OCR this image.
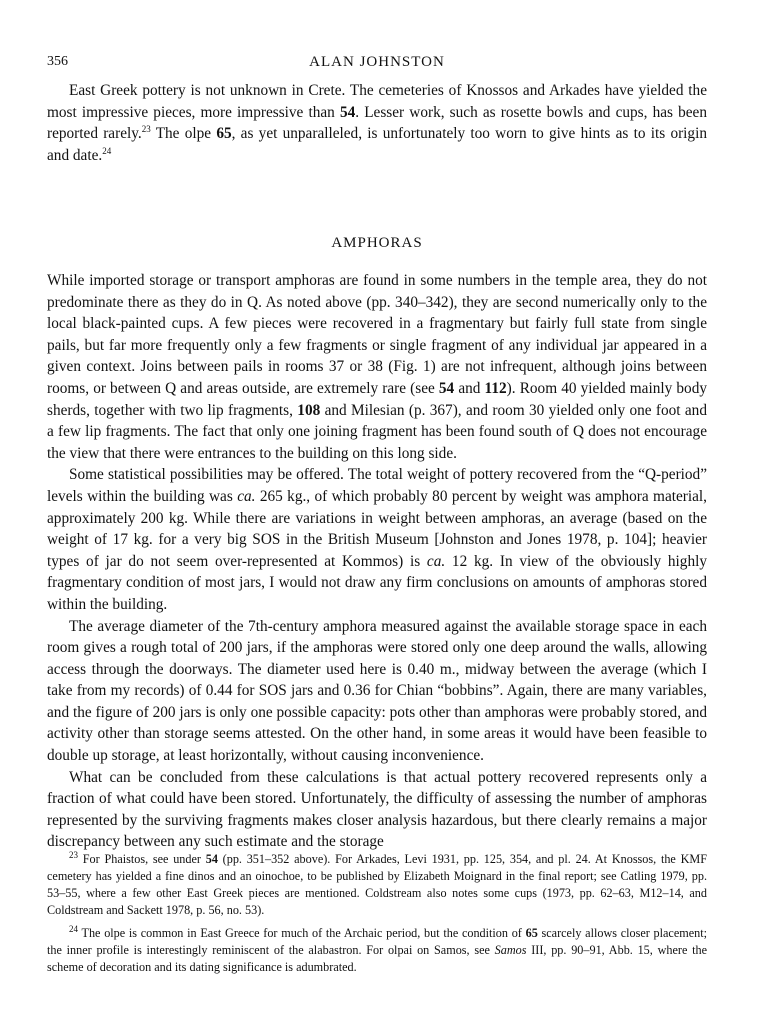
356	ALAN JOHNSTON

East Greek pottery is not unknown in Crete. The cemeteries of Knossos and Arkades have yielded the most impressive pieces, more impressive than 54. Lesser work, such as rosette bowls and cups, has been reported rarely.$^{23}$ The olpe 65, as yet unparalleled, is unfortunately too worn to give hints as to its origin and date.$^{24}$

AMPHORAS

While imported storage or transport amphoras are found in some numbers in the temple area, they do not predominate there as they do in Q. As noted above (pp. 340–342), they are second numerically only to the local black-painted cups. A few pieces were recovered in a fragmentary but fairly full state from single pails, but far more frequently only a few fragments or single fragment of any individual jar appeared in a given context. Joins between pails in rooms 37 or 38 (Fig. 1) are not infrequent, although joins between rooms, or between Q and areas outside, are extremely rare (see 54 and 112). Room 40 yielded mainly body sherds, together with two lip fragments, 108 and Milesian (p. 367), and room 30 yielded only one foot and a few lip fragments. The fact that only one joining fragment has been found south of Q does not encourage the view that there were entrances to the building on this long side.

Some statistical possibilities may be offered. The total weight of pottery recovered from the “Q-period” levels within the building was ca. 265 kg., of which probably 80 percent by weight was amphora material, approximately 200 kg. While there are variations in weight between amphoras, an average (based on the weight of 17 kg. for a very big SOS in the British Museum [Johnston and Jones 1978, p. 104]; heavier types of jar do not seem over-represented at Kommos) is ca. 12 kg. In view of the obviously highly fragmentary condition of most jars, I would not draw any firm conclusions on amounts of amphoras stored within the building.

The average diameter of the 7th-century amphora measured against the available storage space in each room gives a rough total of 200 jars, if the amphoras were stored only one deep around the walls, allowing access through the doorways. The diameter used here is 0.40 m., midway between the average (which I take from my records) of 0.44 for SOS jars and 0.36 for Chian “bobbins”. Again, there are many variables, and the figure of 200 jars is only one possible capacity: pots other than amphoras were probably stored, and activity other than storage seems attested. On the other hand, in some areas it would have been feasible to double up storage, at least horizontally, without causing inconvenience.

What can be concluded from these calculations is that actual pottery recovered represents only a fraction of what could have been stored. Unfortunately, the difficulty of assessing the number of amphoras represented by the surviving fragments makes closer analysis hazardous, but there clearly remains a major discrepancy between any such estimate and the storage

$^{23}$ For Phaistos, see under 54 (pp. 351–352 above). For Arkades, Levi 1931, pp. 125, 354, and pl. 24. At Knossos, the KMF cemetery has yielded a fine dinos and an oinochoe, to be published by Elizabeth Moignard in the final report; see Catling 1979, pp. 53–55, where a few other East Greek pieces are mentioned. Coldstream also notes some cups (1973, pp. 62–63, M12–14, and Coldstream and Sackett 1978, p. 56, no. 53).

$^{24}$ The olpe is common in East Greece for much of the Archaic period, but the condition of 65 scarcely allows closer placement; the inner profile is interestingly reminiscent of the alabastron. For olpai on Samos, see Samos III, pp. 90–91, Abb. 15, where the scheme of decoration and its dating significance is adumbrated.
